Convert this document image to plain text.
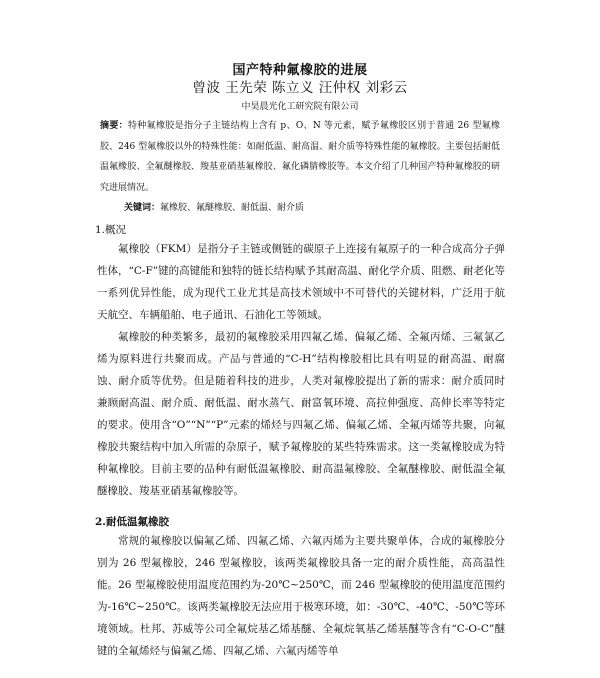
国产特种氟橡胶的进展
曾波 王先荣 陈立义 汪仲权 刘彩云
中昊晨光化工研究院有限公司

摘要：特种氟橡胶是指分子主链结构上含有 p、O、N 等元素，赋予氟橡胶区别于普通 26 型氟橡胶、246 型氟橡胶以外的特殊性能：如耐低温、耐高温、耐介质等特殊性能的氟橡胶。主要包括耐低温氟橡胶、全氟醚橡胶、羧基亚硝基氟橡胶、氟化磷腈橡胶等。本文介绍了几种国产特种氟橡胶的研究进展情况。

关键词：氟橡胶、氟醚橡胶、耐低温、耐介质

1.概况

氟橡胶（FKM）是指分子主链或侧链的碳原子上连接有氟原子的一种合成高分子弹性体，“C-F”键的高键能和独特的链长结构赋予其耐高温、耐化学介质、阻燃、耐老化等一系列优异性能，成为现代工业尤其是高技术领域中不可替代的关键材料，广泛用于航天航空、车辆船舶、电子通讯、石油化工等领域。

氟橡胶的种类繁多，最初的氟橡胶采用四氟乙烯、偏氟乙烯、全氟丙烯、三氟氯乙烯为原料进行共聚而成。产品与普通的“C-H”结构橡胶相比具有明显的耐高温、耐腐蚀、耐介质等优势。但是随着科技的进步，人类对氟橡胶提出了新的需求：耐介质同时兼顾耐高温、耐介质、耐低温、耐水蒸气、耐富氧环境、高拉伸强度、高伸长率等特定的要求。使用含“O”“N”“P”元素的烯烃与四氟乙烯、偏氟乙烯、全氟丙烯等共聚，向氟橡胶共聚结构中加入所需的杂原子，赋予氟橡胶的某些特殊需求。这一类氟橡胶成为特种氟橡胶。目前主要的品种有耐低温氟橡胶、耐高温氟橡胶、全氟醚橡胶、耐低温全氟醚橡胶、羧基亚硝基氟橡胶等。

2.耐低温氟橡胶

常规的氟橡胶以偏氟乙烯、四氟乙烯、六氟丙烯为主要共聚单体，合成的氟橡胶分别为 26 型氟橡胶，246 型氟橡胶，该两类氟橡胶具备一定的耐介质性能，高高温性能。26 型氟橡胶使用温度范围约为-20℃~250℃，而 246 型氟橡胶的使用温度范围约为-16℃~250℃。该两类氟橡胶无法应用于极寒环境，如：-30℃、-40℃、-50℃等环境领域。杜邦、苏威等公司全氟烷基乙烯基醚、全氟烷氧基乙烯基醚等含有“C-O-C”醚键的全氟烯烃与偏氟乙烯、四氟乙烯、六氟丙烯等单
